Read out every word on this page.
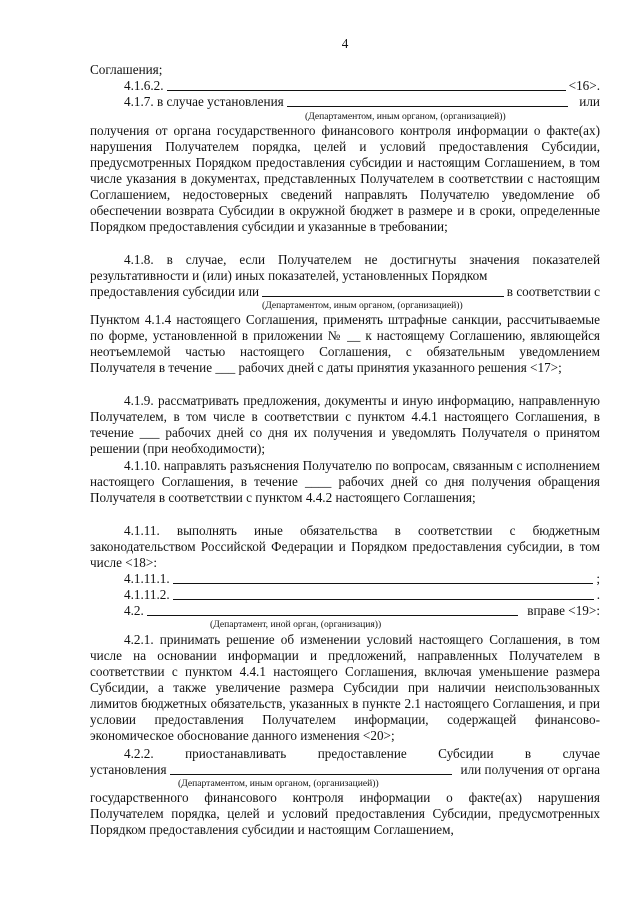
4
Соглашения;
4.1.6.2.	<16>.
4.1.7. в случае установления	или
(Департаментом, иным органом, (организацией))
получения от органа государственного финансового контроля информации о факте(ах) нарушения Получателем порядка, целей и условий предоставления Субсидии, предусмотренных Порядком предоставления субсидии и настоящим Соглашением, в том числе указания в документах, представленных Получателем в соответствии с настоящим Соглашением, недостоверных сведений направлять Получателю уведомление об обеспечении возврата Субсидии в окружной бюджет в размере и в сроки, определенные Порядком предоставления субсидии и указанные в требовании;
4.1.8. в случае, если Получателем не достигнуты значения показателей результативности и (или) иных показателей, установленных Порядком
предоставления субсидии или	в соответствии с
(Департаментом, иным органом, (организацией))
Пунктом 4.1.4 настоящего Соглашения, применять штрафные санкции, рассчитываемые по форме, установленной в приложении № __ к настоящему Соглашению, являющейся неотъемлемой частью настоящего Соглашения, с обязательным уведомлением Получателя в течение ___ рабочих дней с даты принятия указанного решения <17>;
4.1.9. рассматривать предложения, документы и иную информацию, направленную Получателем, в том числе в соответствии с пунктом 4.4.1 настоящего Соглашения, в течение ___ рабочих дней со дня их получения и уведомлять Получателя о принятом решении (при необходимости);
4.1.10. направлять разъяснения Получателю по вопросам, связанным с исполнением настоящего Соглашения, в течение ____ рабочих дней со дня получения обращения Получателя в соответствии с пунктом 4.4.2 настоящего Соглашения;
4.1.11. выполнять иные обязательства в соответствии с бюджетным законодательством Российской Федерации и Порядком предоставления субсидии, в том числе <18>:
4.1.11.1.	;
4.1.11.2.	.
4.2.	вправе <19>:
(Департамент, иной орган, (организация))
4.2.1. принимать решение об изменении условий настоящего Соглашения, в том числе на основании информации и предложений, направленных Получателем в соответствии с пунктом 4.4.1 настоящего Соглашения, включая уменьшение размера Субсидии, а также увеличение размера Субсидии при наличии неиспользованных лимитов бюджетных обязательств, указанных в пункте 2.1 настоящего Соглашения, и при условии предоставления Получателем информации, содержащей финансово-экономическое обоснование данного изменения <20>;
4.2.2. приостанавливать предоставление Субсидии в случае
установления	или получения от органа
(Департаментом, иным органом, (организацией))
государственного финансового контроля информации о факте(ах) нарушения Получателем порядка, целей и условий предоставления Субсидии, предусмотренных Порядком предоставления субсидии и настоящим Соглашением,
